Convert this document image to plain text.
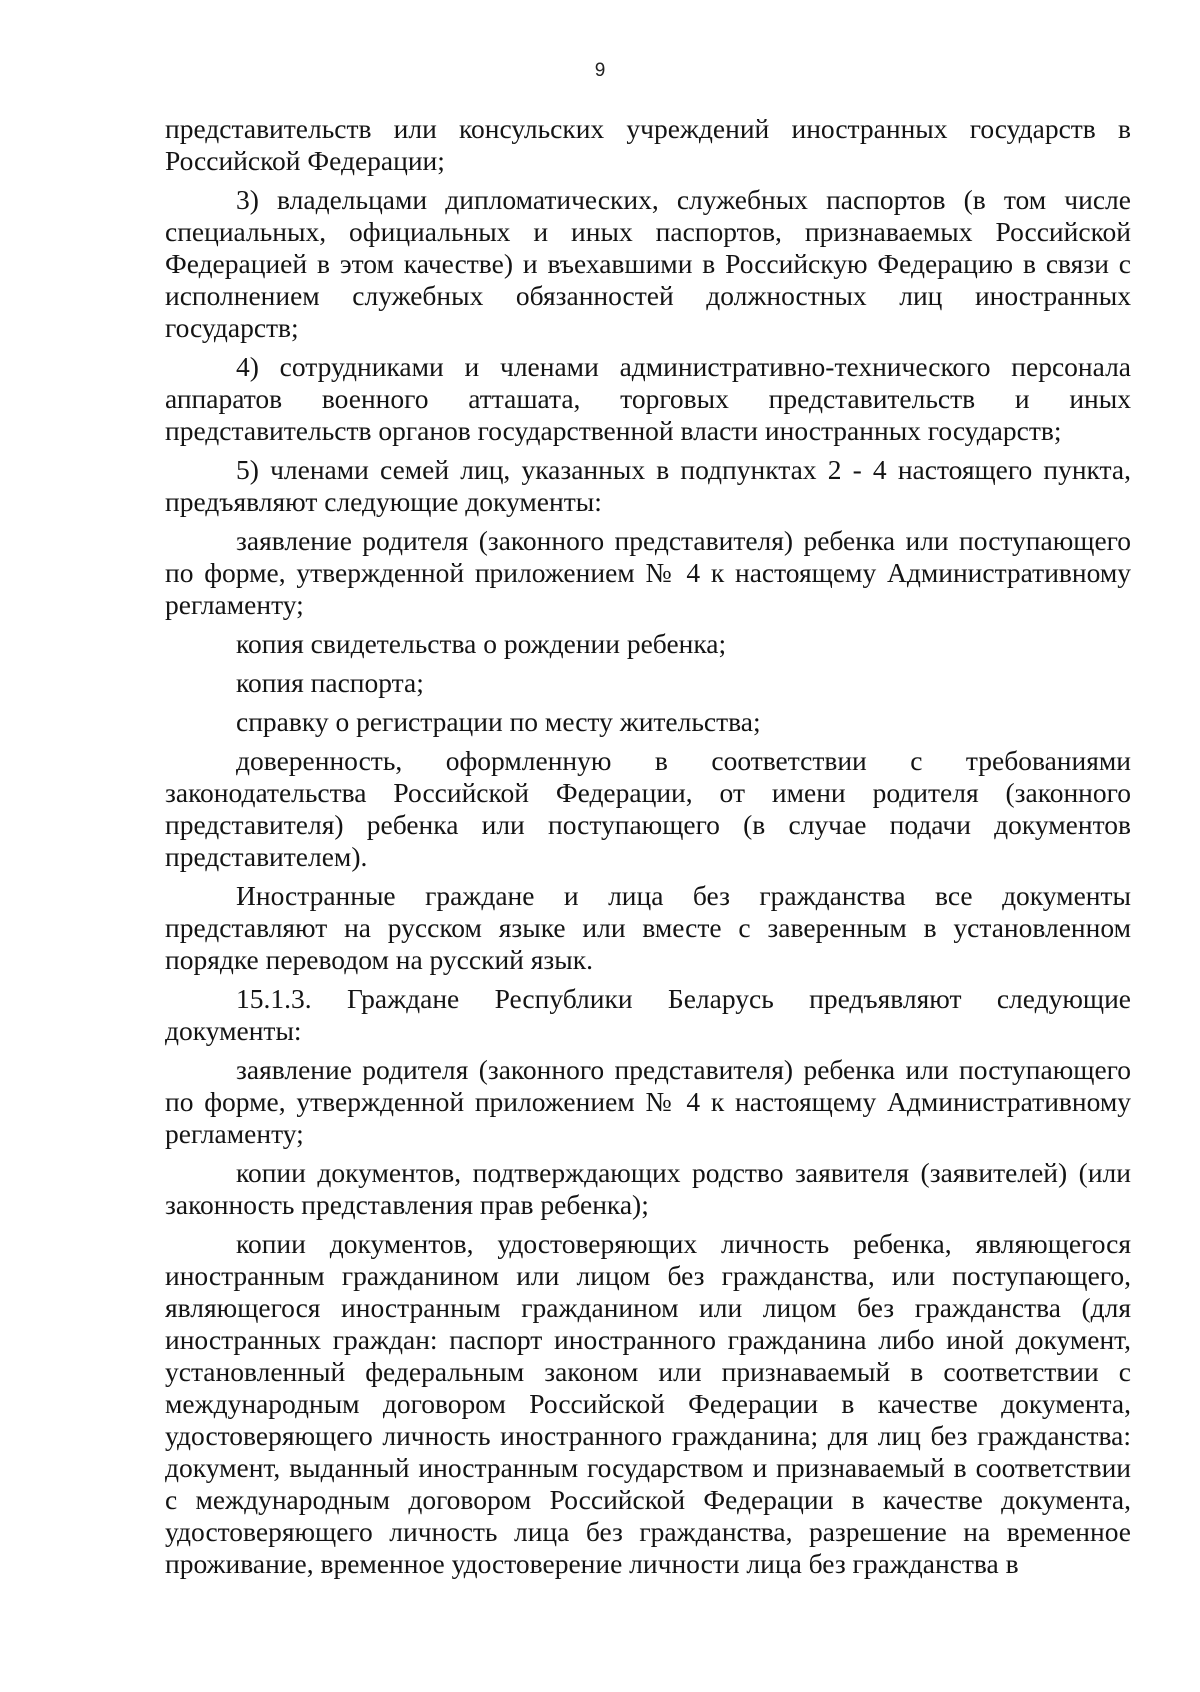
9

представительств или консульских учреждений иностранных государств в Российской Федерации;

3) владельцами дипломатических, служебных паспортов (в том числе специальных, официальных и иных паспортов, признаваемых Российской Федерацией в этом качестве) и въехавшими в Российскую Федерацию в связи с исполнением служебных обязанностей должностных лиц иностранных государств;

4) сотрудниками и членами административно-технического персонала аппаратов военного атташата, торговых представительств и иных представительств органов государственной власти иностранных государств;

5) членами семей лиц, указанных в подпунктах 2 - 4 настоящего пункта, предъявляют следующие документы:

заявление родителя (законного представителя) ребенка или поступающего по форме, утвержденной приложением № 4 к настоящему Административному регламенту;

копия свидетельства о рождении ребенка;

копия паспорта;

справку о регистрации по месту жительства;

доверенность, оформленную в соответствии с требованиями законодательства Российской Федерации, от имени родителя (законного представителя) ребенка или поступающего (в случае подачи документов представителем).

Иностранные граждане и лица без гражданства все документы представляют на русском языке или вместе с заверенным в установленном порядке переводом на русский язык.

15.1.3. Граждане Республики Беларусь предъявляют следующие документы:

заявление родителя (законного представителя) ребенка или поступающего по форме, утвержденной приложением № 4 к настоящему Административному регламенту;

копии документов, подтверждающих родство заявителя (заявителей) (или законность представления прав ребенка);

копии документов, удостоверяющих личность ребенка, являющегося иностранным гражданином или лицом без гражданства, или поступающего, являющегося иностранным гражданином или лицом без гражданства (для иностранных граждан: паспорт иностранного гражданина либо иной документ, установленный федеральным законом или признаваемый в соответствии с международным договором Российской Федерации в качестве документа, удостоверяющего личность иностранного гражданина; для лиц без гражданства: документ, выданный иностранным государством и признаваемый в соответствии с международным договором Российской Федерации в качестве документа, удостоверяющего личность лица без гражданства, разрешение на временное проживание, временное удостоверение личности лица без гражданства в
